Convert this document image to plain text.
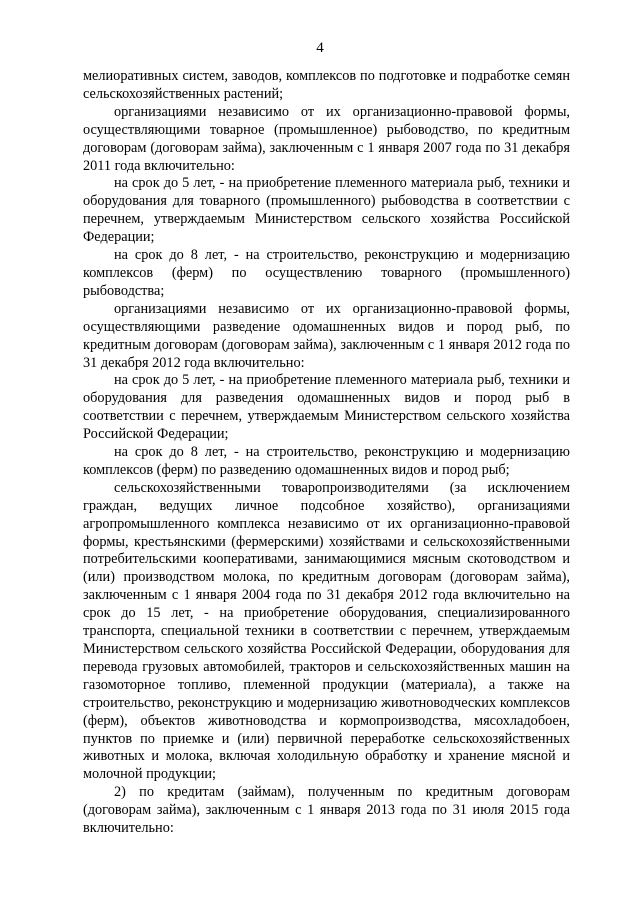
4

мелиоративных систем, заводов, комплексов по подготовке и подработке семян сельскохозяйственных растений;

организациями независимо от их организационно-правовой формы, осуществляющими товарное (промышленное) рыбоводство, по кредитным договорам (договорам займа), заключенным с 1 января 2007 года по 31 декабря 2011 года включительно:

на срок до 5 лет, - на приобретение племенного материала рыб, техники и оборудования для товарного (промышленного) рыбоводства в соответствии с перечнем, утверждаемым Министерством сельского хозяйства Российской Федерации;

на срок до 8 лет, - на строительство, реконструкцию и модернизацию комплексов (ферм) по осуществлению товарного (промышленного) рыбоводства;

организациями независимо от их организационно-правовой формы, осуществляющими разведение одомашненных видов и пород рыб, по кредитным договорам (договорам займа), заключенным с 1 января 2012 года по 31 декабря 2012 года включительно:

на срок до 5 лет, - на приобретение племенного материала рыб, техники и оборудования для разведения одомашненных видов и пород рыб в соответствии с перечнем, утверждаемым Министерством сельского хозяйства Российской Федерации;

на срок до 8 лет, - на строительство, реконструкцию и модернизацию комплексов (ферм) по разведению одомашненных видов и пород рыб;

сельскохозяйственными товаропроизводителями (за исключением граждан, ведущих личное подсобное хозяйство), организациями агропромышленного комплекса независимо от их организационно-правовой формы, крестьянскими (фермерскими) хозяйствами и сельскохозяйственными потребительскими кооперативами, занимающимися мясным скотоводством и (или) производством молока, по кредитным договорам (договорам займа), заключенным с 1 января 2004 года по 31 декабря 2012 года включительно на срок до 15 лет, - на приобретение оборудования, специализированного транспорта, специальной техники в соответствии с перечнем, утверждаемым Министерством сельского хозяйства Российской Федерации, оборудования для перевода грузовых автомобилей, тракторов и сельскохозяйственных машин на газомоторное топливо, племенной продукции (материала), а также на строительство, реконструкцию и модернизацию животноводческих комплексов (ферм), объектов животноводства и кормопроизводства, мясохладобоен, пунктов по приемке и (или) первичной переработке сельскохозяйственных животных и молока, включая холодильную обработку и хранение мясной и молочной продукции;

2) по кредитам (займам), полученным по кредитным договорам (договорам займа), заключенным с 1 января 2013 года по 31 июля 2015 года включительно:
